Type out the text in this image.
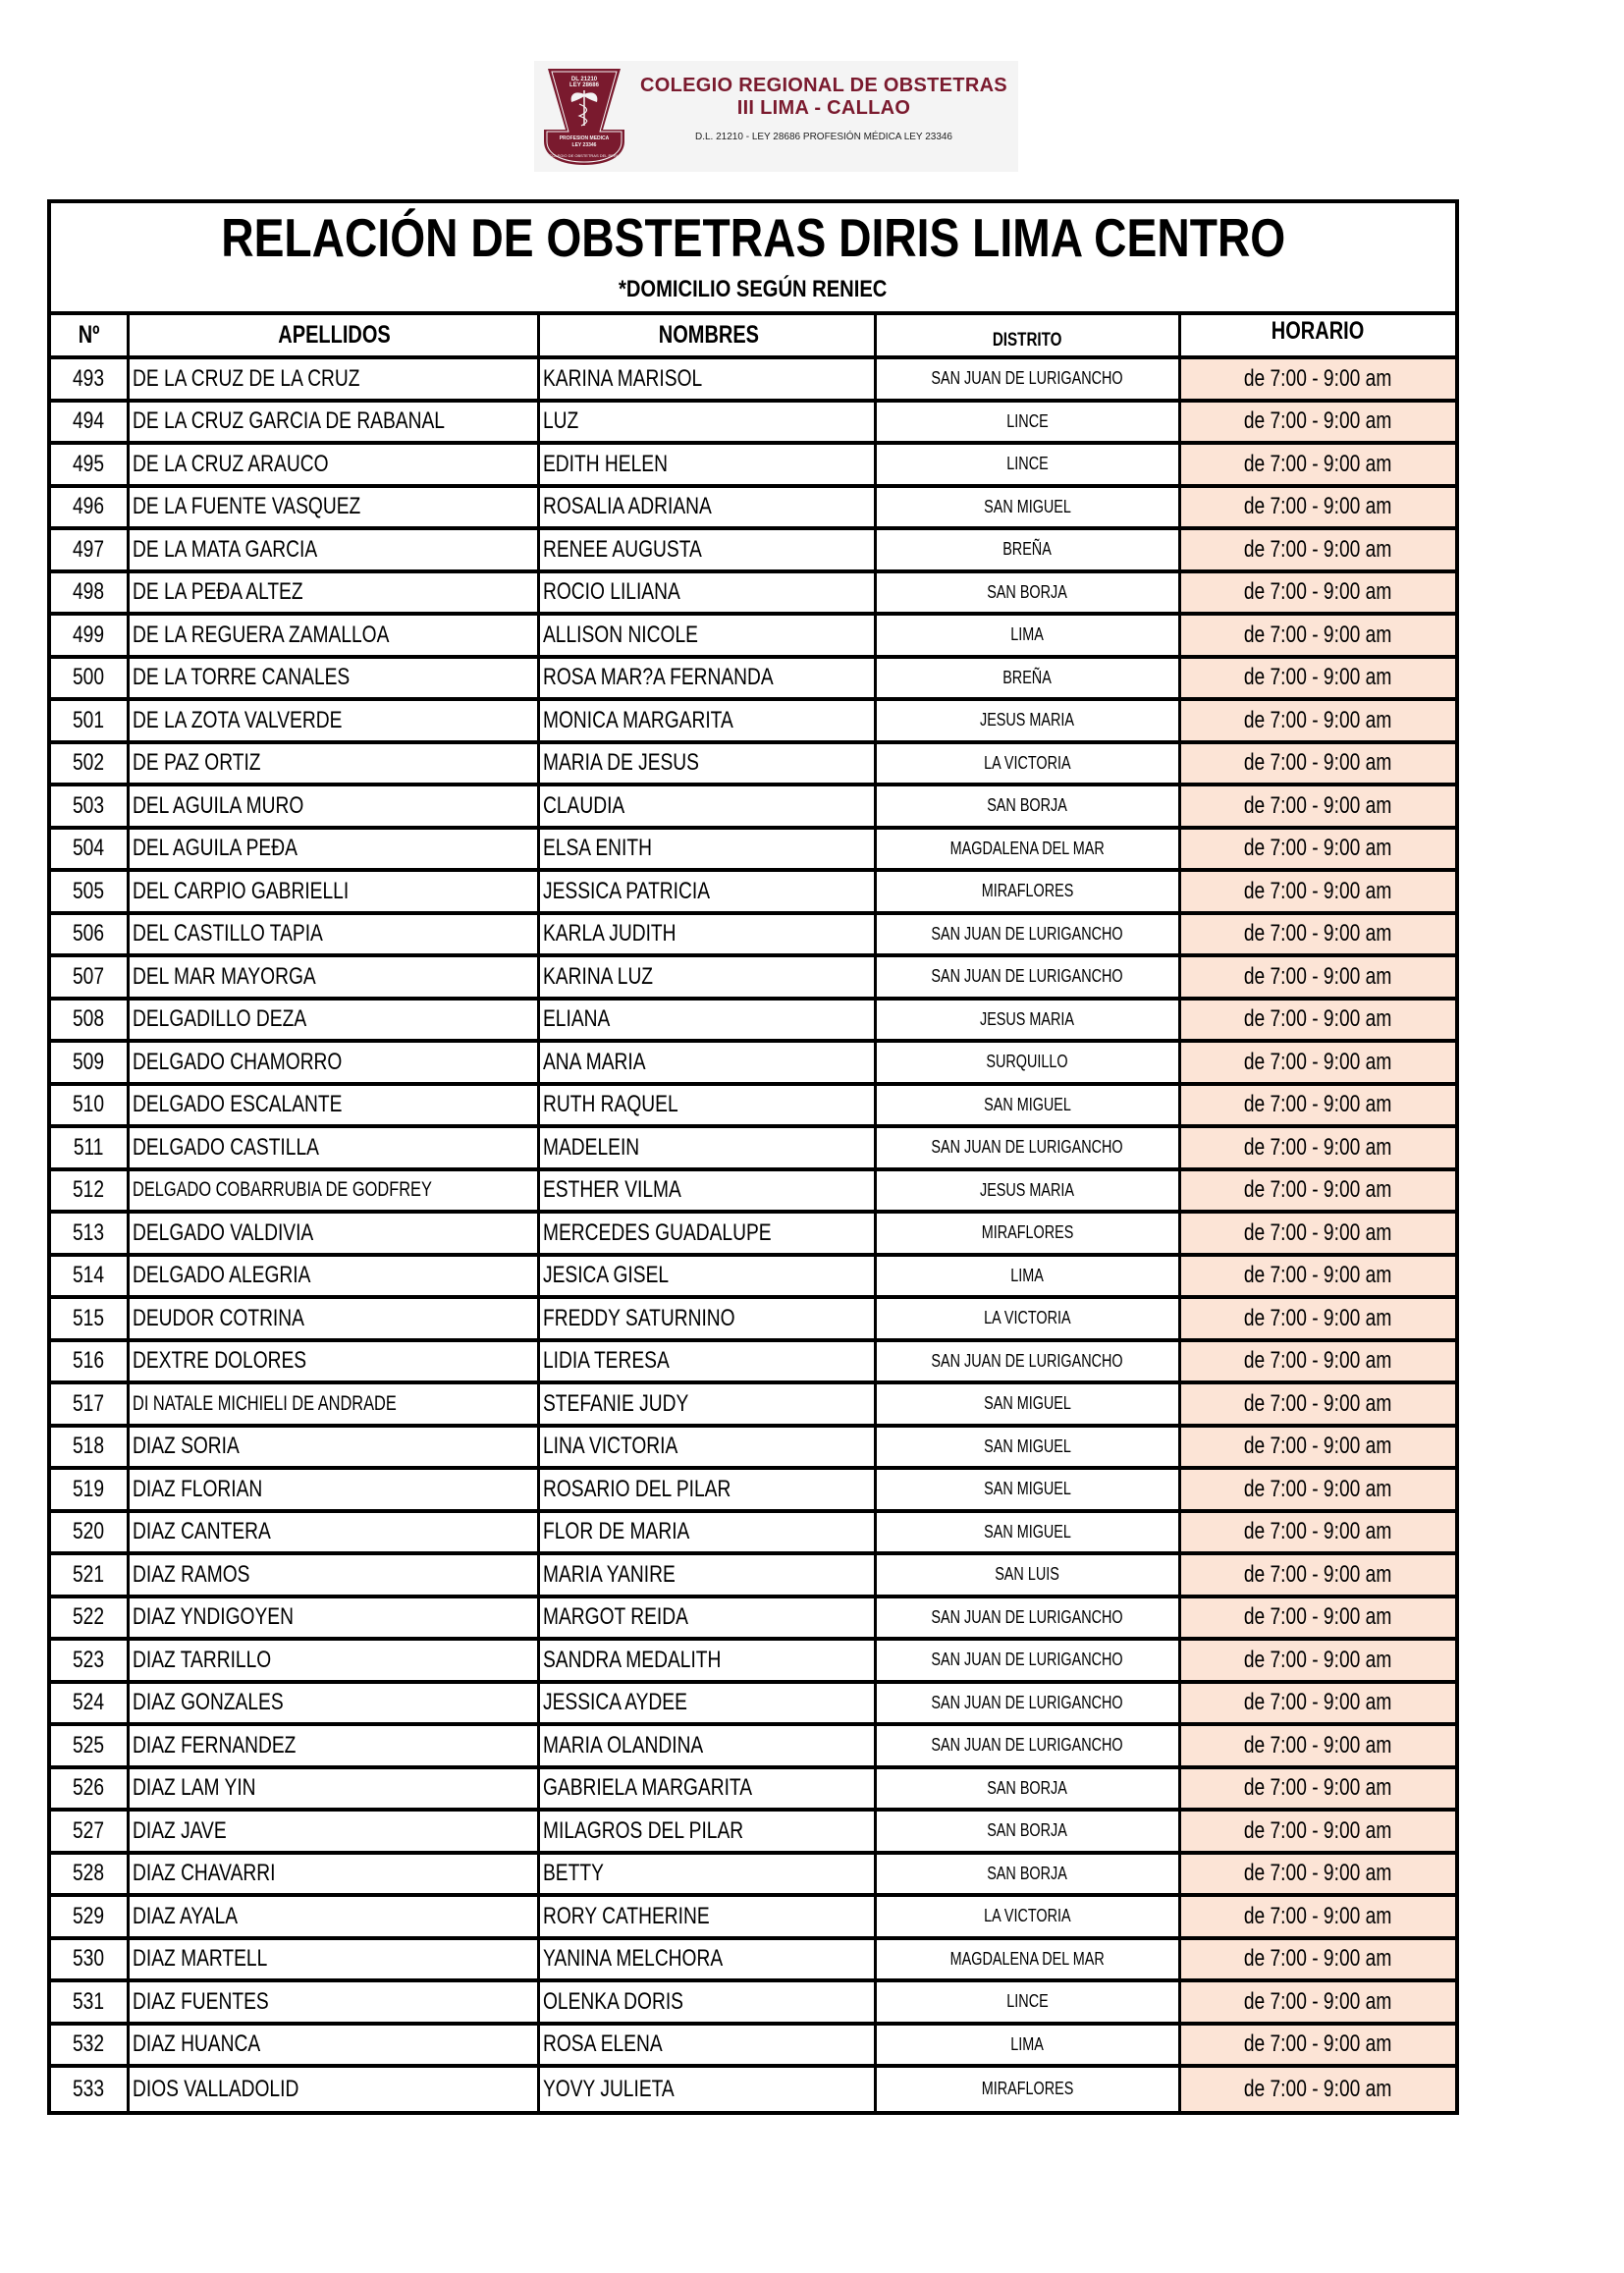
DL 21210
LEY 28686
PROFESION MEDICA
LEY 23346
COLEGIO DE OBSTETRAS DEL PERU
COLEGIO REGIONAL DE OBSTETRAS
III LIMA - CALLAO
D.L. 21210 - LEY 28686 PROFESIÓN MÉDICA LEY 23346
RELACIÓN DE OBSTETRAS DIRIS LIMA CENTRO
*DOMICILIO SEGÚN RENIEC
Nº	APELLIDOS	NOMBRES	DISTRITO	HORARIO
493 DE LA CRUZ DE LA CRUZ	KARINA MARISOL	SAN JUAN DE LURIGANCHO	de 7:00 - 9:00 am
494 DE LA CRUZ GARCIA DE RABANAL	LUZ	LINCE	de 7:00 - 9:00 am
495 DE LA CRUZ ARAUCO	EDITH HELEN	LINCE	de 7:00 - 9:00 am
496 DE LA FUENTE VASQUEZ	ROSALIA ADRIANA	SAN MIGUEL	de 7:00 - 9:00 am
497 DE LA MATA GARCIA	RENEE AUGUSTA	BREÑA	de 7:00 - 9:00 am
498 DE LA PEĐA ALTEZ	ROCIO LILIANA	SAN BORJA	de 7:00 - 9:00 am
499 DE LA REGUERA ZAMALLOA	ALLISON NICOLE	LIMA	de 7:00 - 9:00 am
500 DE LA TORRE CANALES	ROSA MAR?A FERNANDA	BREÑA	de 7:00 - 9:00 am
501 DE LA ZOTA VALVERDE	MONICA MARGARITA	JESUS MARIA	de 7:00 - 9:00 am
502 DE PAZ ORTIZ	MARIA DE JESUS	LA VICTORIA	de 7:00 - 9:00 am
503 DEL AGUILA MURO	CLAUDIA	SAN BORJA	de 7:00 - 9:00 am
504 DEL AGUILA PEĐA	ELSA ENITH	MAGDALENA DEL MAR	de 7:00 - 9:00 am
505 DEL CARPIO GABRIELLI	JESSICA PATRICIA	MIRAFLORES	de 7:00 - 9:00 am
506 DEL CASTILLO TAPIA	KARLA JUDITH	SAN JUAN DE LURIGANCHO	de 7:00 - 9:00 am
507 DEL MAR MAYORGA	KARINA LUZ	SAN JUAN DE LURIGANCHO	de 7:00 - 9:00 am
508 DELGADILLO DEZA	ELIANA	JESUS MARIA	de 7:00 - 9:00 am
509 DELGADO CHAMORRO	ANA MARIA	SURQUILLO	de 7:00 - 9:00 am
510 DELGADO ESCALANTE	RUTH RAQUEL	SAN MIGUEL	de 7:00 - 9:00 am
511 DELGADO CASTILLA	MADELEIN	SAN JUAN DE LURIGANCHO	de 7:00 - 9:00 am
512 DELGADO COBARRUBIA DE GODFREY	ESTHER VILMA	JESUS MARIA	de 7:00 - 9:00 am
513 DELGADO VALDIVIA	MERCEDES GUADALUPE	MIRAFLORES	de 7:00 - 9:00 am
514 DELGADO ALEGRIA	JESICA GISEL	LIMA	de 7:00 - 9:00 am
515 DEUDOR COTRINA	FREDDY SATURNINO	LA VICTORIA	de 7:00 - 9:00 am
516 DEXTRE DOLORES	LIDIA TERESA	SAN JUAN DE LURIGANCHO	de 7:00 - 9:00 am
517 DI NATALE MICHIELI DE ANDRADE	STEFANIE JUDY	SAN MIGUEL	de 7:00 - 9:00 am
518 DIAZ SORIA	LINA VICTORIA	SAN MIGUEL	de 7:00 - 9:00 am
519 DIAZ FLORIAN	ROSARIO DEL PILAR	SAN MIGUEL	de 7:00 - 9:00 am
520 DIAZ CANTERA	FLOR DE MARIA	SAN MIGUEL	de 7:00 - 9:00 am
521 DIAZ RAMOS	MARIA YANIRE	SAN LUIS	de 7:00 - 9:00 am
522 DIAZ YNDIGOYEN	MARGOT REIDA	SAN JUAN DE LURIGANCHO	de 7:00 - 9:00 am
523 DIAZ TARRILLO	SANDRA MEDALITH	SAN JUAN DE LURIGANCHO	de 7:00 - 9:00 am
524 DIAZ GONZALES	JESSICA AYDEE	SAN JUAN DE LURIGANCHO	de 7:00 - 9:00 am
525 DIAZ FERNANDEZ	MARIA OLANDINA	SAN JUAN DE LURIGANCHO	de 7:00 - 9:00 am
526 DIAZ LAM YIN	GABRIELA MARGARITA	SAN BORJA	de 7:00 - 9:00 am
527 DIAZ JAVE	MILAGROS DEL PILAR	SAN BORJA	de 7:00 - 9:00 am
528 DIAZ CHAVARRI	BETTY	SAN BORJA	de 7:00 - 9:00 am
529 DIAZ AYALA	RORY CATHERINE	LA VICTORIA	de 7:00 - 9:00 am
530 DIAZ MARTELL	YANINA MELCHORA	MAGDALENA DEL MAR	de 7:00 - 9:00 am
531 DIAZ FUENTES	OLENKA DORIS	LINCE	de 7:00 - 9:00 am
532 DIAZ HUANCA	ROSA ELENA	LIMA	de 7:00 - 9:00 am
533 DIOS VALLADOLID	YOVY JULIETA	MIRAFLORES	de 7:00 - 9:00 am
